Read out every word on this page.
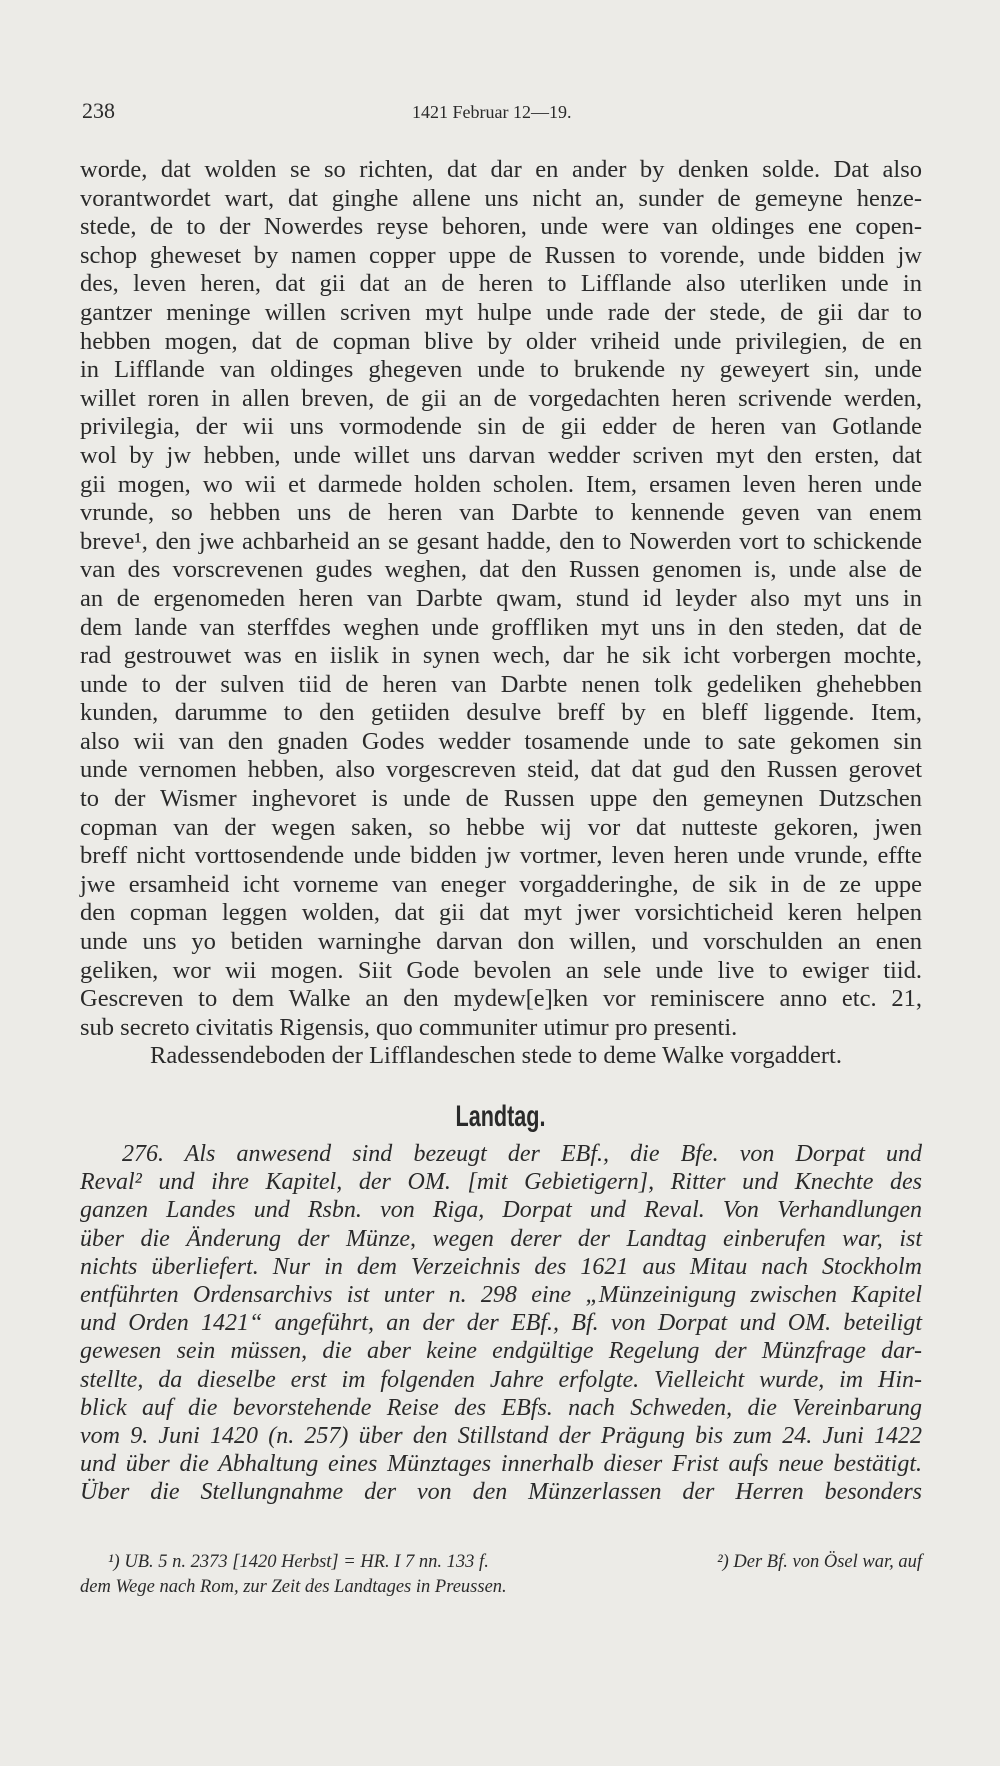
238	1421 Februar 12—19.
worde, dat wolden se so richten, dat dar en ander by denken solde. Dat also
vorantwordet wart, dat ginghe allene uns nicht an, sunder de gemeyne henze-
stede, de to der Nowerdes reyse behoren, unde were van oldinges ene copen-
schop gheweset by namen copper uppe de Russen to vorende, unde bidden jw
des, leven heren, dat gii dat an de heren to Lifflande also uterliken unde in
gantzer meninge willen scriven myt hulpe unde rade der stede, de gii dar to
hebben mogen, dat de copman blive by older vriheid unde privilegien, de en
in Lifflande van oldinges ghegeven unde to brukende ny geweyert sin, unde
willet roren in allen breven, de gii an de vorgedachten heren scrivende werden,
privilegia, der wii uns vormodende sin de gii edder de heren van Gotlande
wol by jw hebben, unde willet uns darvan wedder scriven myt den ersten, dat
gii mogen, wo wii et darmede holden scholen. Item, ersamen leven heren unde
vrunde, so hebben uns de heren van Darbte to kennende geven van enem
breve¹, den jwe achbarheid an se gesant hadde, den to Nowerden vort to schickende
van des vorscrevenen gudes weghen, dat den Russen genomen is, unde alse de
an de ergenomeden heren van Darbte qwam, stund id leyder also myt uns in
dem lande van sterffdes weghen unde groffliken myt uns in den steden, dat de
rad gestrouwet was en iislik in synen wech, dar he sik icht vorbergen mochte,
unde to der sulven tiid de heren van Darbte nenen tolk gedeliken ghehebben
kunden, darumme to den getiiden desulve breff by en bleff liggende. Item,
also wii van den gnaden Godes wedder tosamende unde to sate gekomen sin
unde vernomen hebben, also vorgescreven steid, dat dat gud den Russen gerovet
to der Wismer inghevoret is unde de Russen uppe den gemeynen Dutzschen
copman van der wegen saken, so hebbe wij vor dat nutteste gekoren, jwen
breff nicht vorttosendende unde bidden jw vortmer, leven heren unde vrunde, effte
jwe ersamheid icht vorneme van eneger vorgadderinghe, de sik in de ze uppe
den copman leggen wolden, dat gii dat myt jwer vorsichticheid keren helpen
unde uns yo betiden warninghe darvan don willen, und vorschulden an enen
geliken, wor wii mogen. Siit Gode bevolen an sele unde live to ewiger tiid.
Gescreven to dem Walke an den mydew[e]ken vor reminiscere anno etc. 21,
sub secreto civitatis Rigensis, quo communiter utimur pro presenti.
Radessendeboden der Lifflandeschen stede to deme Walke vorgaddert.
Landtag.
276. Als anwesend sind bezeugt der EBf., die Bfe. von Dorpat und
Reval² und ihre Kapitel, der OM. [mit Gebietigern], Ritter und Knechte des
ganzen Landes und Rsbn. von Riga, Dorpat und Reval. Von Verhandlungen
über die Änderung der Münze, wegen derer der Landtag einberufen war, ist
nichts überliefert. Nur in dem Verzeichnis des 1621 aus Mitau nach Stockholm
entführten Ordensarchivs ist unter n. 298 eine „Münzeinigung zwischen Kapitel
und Orden 1421“ angeführt, an der der EBf., Bf. von Dorpat und OM. beteiligt
gewesen sein müssen, die aber keine endgültige Regelung der Münzfrage dar-
stellte, da dieselbe erst im folgenden Jahre erfolgte. Vielleicht wurde, im Hin-
blick auf die bevorstehende Reise des EBfs. nach Schweden, die Vereinbarung
vom 9. Juni 1420 (n. 257) über den Stillstand der Prägung bis zum 24. Juni 1422
und über die Abhaltung eines Münztages innerhalb dieser Frist aufs neue bestätigt.
Über die Stellungnahme der von den Münzerlassen der Herren besonders
¹) UB. 5 n. 2373 [1420 Herbst] = HR. I 7 nn. 133 f.	²) Der Bf. von Ösel war, auf
dem Wege nach Rom, zur Zeit des Landtages in Preussen.
